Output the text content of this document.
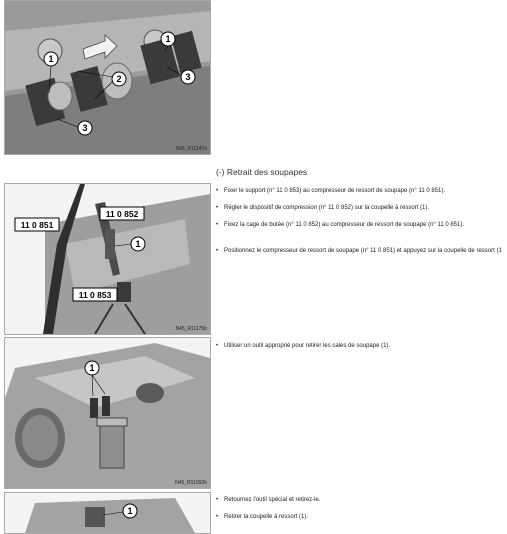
1
1
2	3
3
N45_R11147e
(-) Retrait des soupapes
1
11 0 851
11 0 852
11 0 853
N45_R11175b
1
N45_R11092b
1
• Fixer le support (n° 11 0 853) au compresseur de ressort de soupape (n° 11 0 851).
• Régler le dispositif de compression (n° 11 0 852) sur la coupelle à ressort (1).
• Fixez la cage de butée (n° 11 0 852) au compresseur de ressort de soupape (n° 11 0 851).
• Positionnez le compresseur de ressort de soupape (n° 11 0 851) et appuyez sur la coupelle de ressort (1
• Utiliser un outil approprié pour retirer les cales de soupape (1).
• Retournez l'outil spécial et retirez-le.
• Retirer la coupelle à ressort (1).
